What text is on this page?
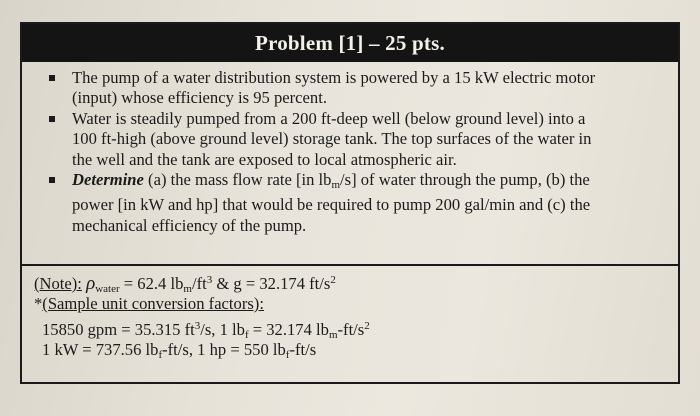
Problem [1] – 25 pts.
The pump of a water distribution system is powered by a 15 kW electric motor
(input) whose efficiency is 95 percent.
Water is steadily pumped from a 200 ft-deep well (below ground level) into a
100 ft-high (above ground level) storage tank. The top surfaces of the water in
the well and the tank are exposed to local atmospheric air.
Determine (a) the mass flow rate [in $lb_m/s$] of water through the pump, (b) the
power [in kW and hp] that would be required to pump 200 gal/min and (c) the
mechanical efficiency of the pump.
(Note): $\rho_{water} = 62.4$ $lb_m/ft^3$ & g = 32.174 $ft/s^2$
*(Sample unit conversion factors):
15850 gpm = 35.315 $ft^3/s$, 1 $lb_f = 32.174$ $lb_m-ft/s^2$
1 kW = 737.56 $lb_f-ft/s$, 1 hp = 550 $lb_f-ft/s$
